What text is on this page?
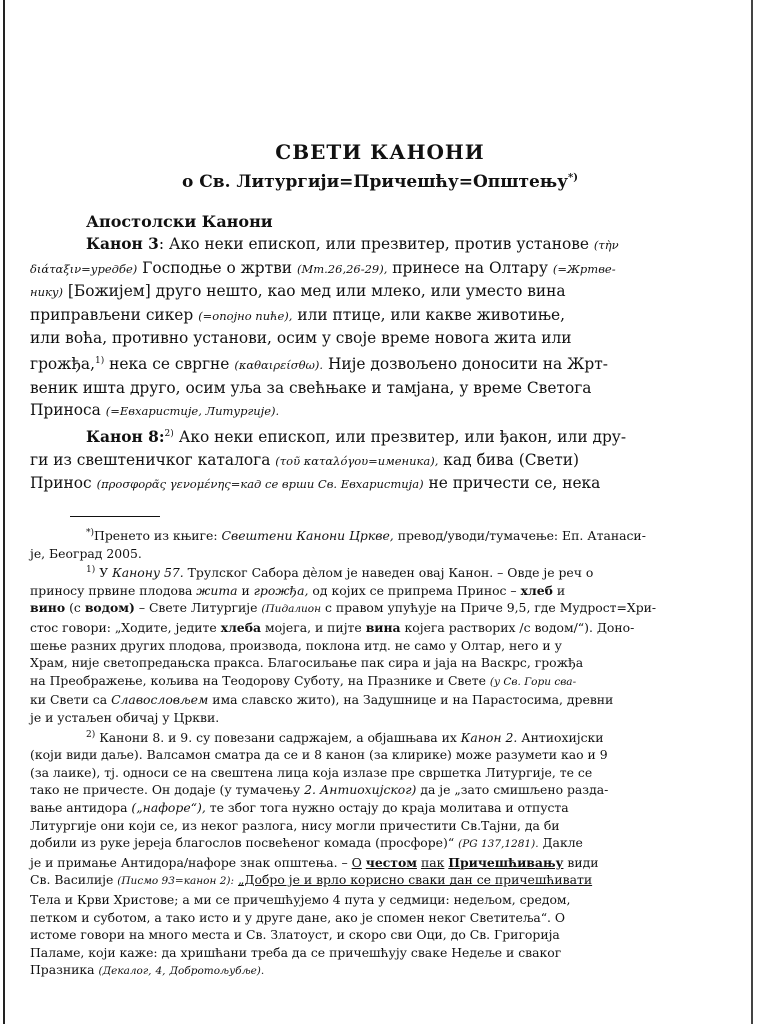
СВЕТИ КАНОНИ

о Св. Литургији=Причешћу=Општењу*)

Апостолски Канони
Канон 3: Ако неки епископ, или презвитер, против установе (τὴν
διάταξιν=уредбе) Господње о жртви (Мт.26,26-29), принесе на Олтару (=Жртве-
нику) [Божијем] друго нешто, као мед или млеко, или уместо вина
приправљени сикер (=опојно пиће), или птице, или какве животиње,
или воћа, противно установи, осим у своје време новога жита или
грожђа,$^{1)}$ нека се свргне (καθαιρείσθω). Није дозвољено доносити на Жрт-
веник ишта друго, осим уља за свећњаке и тамјана, у време Светога
Приноса (=Евхаристије, Литургије).
Канон 8:$^{2)}$ Ако неки епископ, или презвитер, или ђакон, или дру-
ги из свештеничког каталога (τοῦ καταλόγου=именика), кад бива (Свети)
Принос (προσφορᾶς γενομένης=кад се врши Св. Евхаристија) не причести се, нека
*)Пренето из књиге: Свештени Канони Цркве, превод/уводи/тумачење: Еп. Атанаси-
је, Београд 2005.
$^{1)}$ У Канону 57. Трулског Сабора дѐлом је наведен овај Канон. – Овде је реч о
приносу првине плодова жита и грожђа, од којих се припрема Принос – хлеб и
вино (с водом) – Свете Литургије (Пидалион с правом упућује на Приче 9,5, где Мудрост=Хри-
стос говори: „Ходите, једите хлеба мојега, и пијте вина којега растворих /с водом/“). Доно-
шење разних других плодова, производа, поклона итд. не само у Олтар, него и у
Храм, није светопредањска пракса. Благосиљање пак сира и јаја на Васкрс, грожђа
на Преображење, кољива на Теодорову Суботу, на Празнике и Свете (у Св. Гори сва-
ки Свети са Славословљем има славско жито), на Задушнице и на Парастосима, древни
је и устаљен обичај у Цркви.
$^{2)}$ Канони 8. и 9. су повезани садржајем, а објашњава их Канон 2. Антиохијски
(који види даље). Валсамон сматра да се и 8 канон (за клирике) може разумети као и 9
(за лаике), тј. односи се на свештена лица која излазе пре свршетка Литургије, те се
тако не причесте. Он додаје (у тумачењу 2. Антиохијског) да је „зато смишљено разда-
вање антидора („нафоре“), те због тога нужно остају до краја молитава и отпуста
Литургије они који се, из неког разлога, нису могли причестити Св.Тајни, да би
добили из руке јереја благослов посвећеног комада (просфоре)“ (PG 137,1281). Дакле
је и примање Антидора/нафоре знак општења. – О честом пак Причешћивању види
Св. Василије (Писмо 93=канон 2): „Добро је и врло корисно сваки дан се причешћивати
Тела и Крви Христове; а ми се причешћујемо 4 пута у седмици: недељом, средом,
петком и суботом, а тако исто и у друге дане, ако је спомен неког Светитеља“. О
истоме говори на много места и Св. Златоуст, и скоро сви Оци, до Св. Григорија
Паламе, који каже: да хришћани треба да се причешћују сваке Недеље и сваког
Празника (Декалог, 4, Добротољубље).
